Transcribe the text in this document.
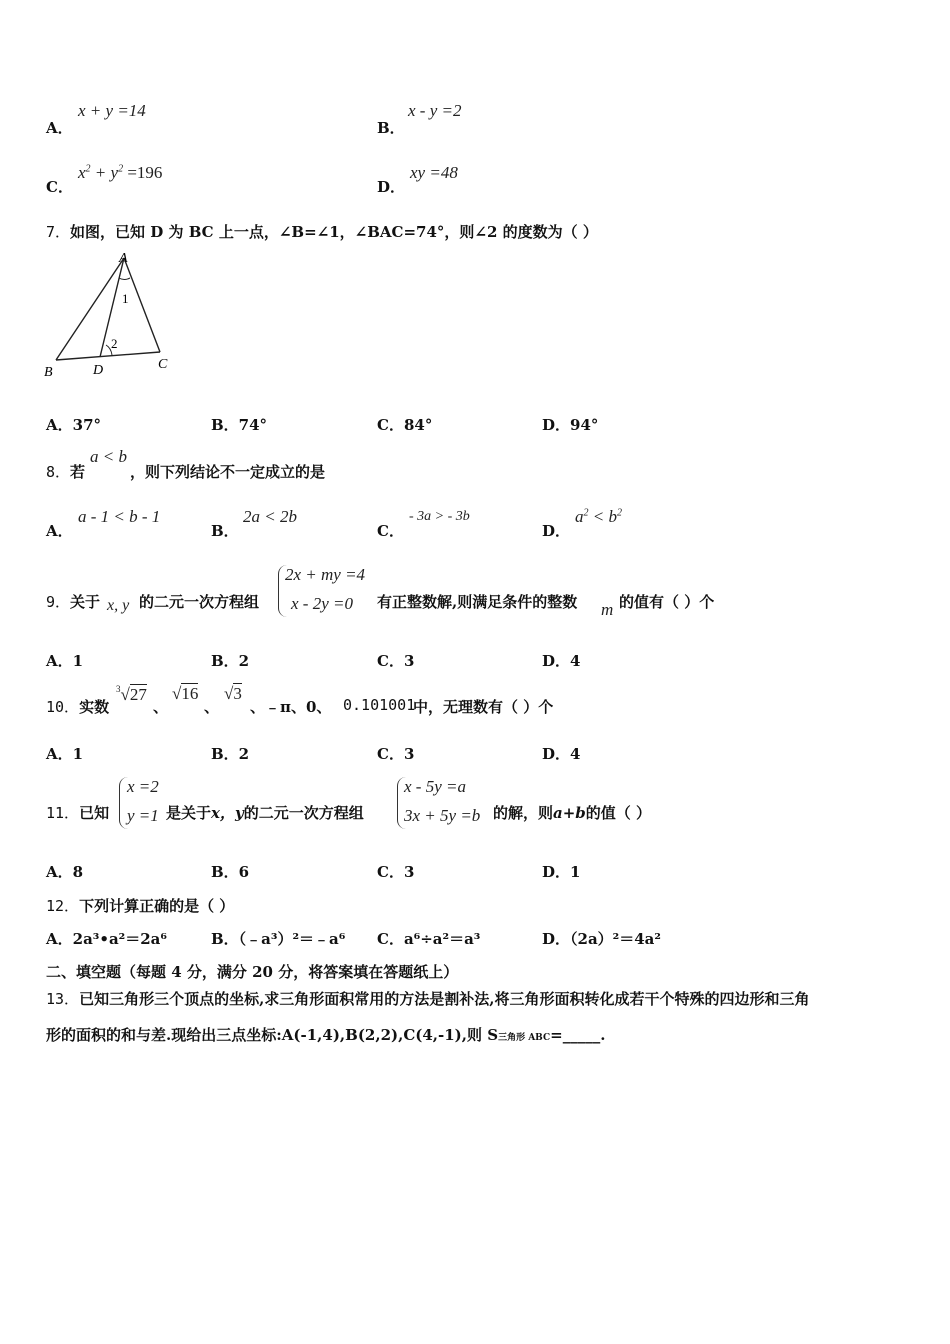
A．
x + y =14
B．
x - y =2
C．
$x^2 + y^2 =196$
D．
xy =48
7．如图，已知 D 为 BC 上一点，∠B=∠1，∠BAC=74°，则∠2 的度数为（ ）
A
B
C
D
1
2
A．37°	B．74°	C．84°	D．94°
8．若
a < b
，则下列结论不一定成立的是
A．
a - 1 < b - 1
B．
2a < 2b
C．
- 3a > - 3b
D．
$a^2 < b^2$
9．关于 x, y 的二元一次方程组
2x + my =4
x - 2y =0 有正整数解,则满足条件的整数 m 的值有（ ）个
A．1	B．2	C．3	D．4
10．实数
$^3$√27
、
√16
、
√3
、﹣π、0、 0.101001
中，无理数有（ ）个
A．1	B．2	C．3	D．4
11．已知
x =2
y =1 是关于x，y的二元一次方程组
x - 5y =a
3x + 5y =b 的解，则a+b的值（ ）
A．8	B．6	C．3	D．1
12．下列计算正确的是（ ）
A．2a³•a²＝2a⁶	B．（﹣a³）²＝﹣a⁶ C．a⁶÷a²＝a³	D．（2a）²＝4a²
二、填空题（每题 4 分，满分 20 分，将答案填在答题纸上）
13．已知三角形三个顶点的坐标,求三角形面积常用的方法是割补法,将三角形面积转化成若干个特殊的四边形和三角
形的面积的和与差.现给出三点坐标:A(-1,4),B(2,2),C(4,-1),则 S三角形 ABC=_____.
